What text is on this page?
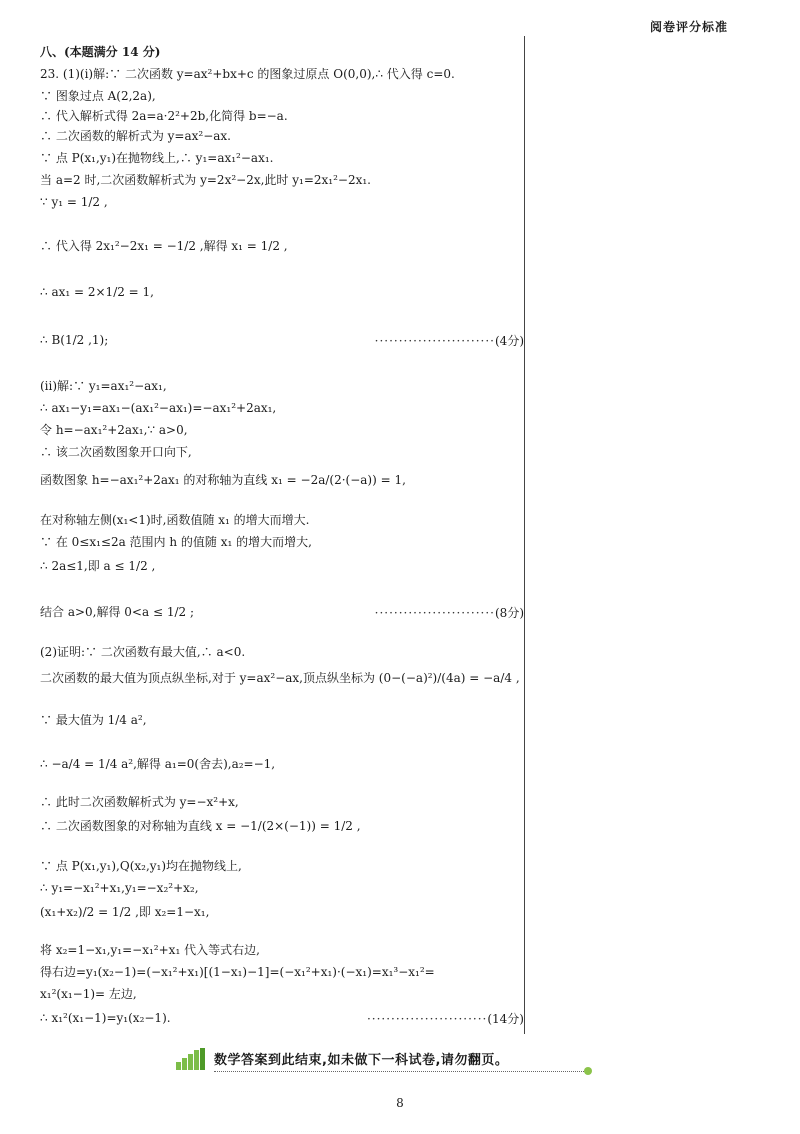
阅卷评分标准
八、(本题满分 14 分)
23. (1)(i)解:∵ 二次函数 y=ax²+bx+c 的图象过原点 O(0,0),∴ 代入得 c=0.
∵ 图象过点 A(2,2a),
∴ 代入解析式得 2a=a·2²+2b,化简得 b=−a.
∴ 二次函数的解析式为 y=ax²−ax.
∵ 点 P(x₁,y₁)在抛物线上,∴ y₁=ax₁²−ax₁.
当 a=2 时,二次函数解析式为 y=2x²−2x,此时 y₁=2x₁²−2x₁.
∵ y₁ = 1/2 ,
∴ 代入得 2x₁²−2x₁ = −1/2 ,解得 x₁ = 1/2 ,
∴ ax₁ = 2×1/2 = 1,
∴ B(1/2 ,1);	·························(4分)
(ii)解:∵ y₁=ax₁²−ax₁,
∴ ax₁−y₁=ax₁−(ax₁²−ax₁)=−ax₁²+2ax₁,
令 h=−ax₁²+2ax₁,∵ a>0,
∴ 该二次函数图象开口向下,
函数图象 h=−ax₁²+2ax₁ 的对称轴为直线 x₁ = −2a/(2·(−a)) = 1,
在对称轴左侧(x₁<1)时,函数值随 x₁ 的增大而增大.
∵ 在 0≤x₁≤2a 范围内 h 的值随 x₁ 的增大而增大,
∴ 2a≤1,即 a ≤ 1/2 ,
结合 a>0,解得 0<a ≤ 1/2 ;	·························(8分)
(2)证明:∵ 二次函数有最大值,∴ a<0.
二次函数的最大值为顶点纵坐标,对于 y=ax²−ax,顶点纵坐标为 (0−(−a)²)/(4a) = −a/4 ,
∵ 最大值为 1/4 a²,
∴ −a/4 = 1/4 a²,解得 a₁=0(舍去),a₂=−1,
∴ 此时二次函数解析式为 y=−x²+x,
∴ 二次函数图象的对称轴为直线 x = −1/(2×(−1)) = 1/2 ,
∵ 点 P(x₁,y₁),Q(x₂,y₁)均在抛物线上,
∴ y₁=−x₁²+x₁,y₁=−x₂²+x₂,
(x₁+x₂)/2 = 1/2 ,即 x₂=1−x₁,
将 x₂=1−x₁,y₁=−x₁²+x₁ 代入等式右边,
得右边=y₁(x₂−1)=(−x₁²+x₁)[(1−x₁)−1]=(−x₁²+x₁)·(−x₁)=x₁³−x₁²=
x₁²(x₁−1)= 左边,
∴ x₁²(x₁−1)=y₁(x₂−1).	·························(14分)
数学答案到此结束,如未做下一科试卷,请勿翻页。
8
